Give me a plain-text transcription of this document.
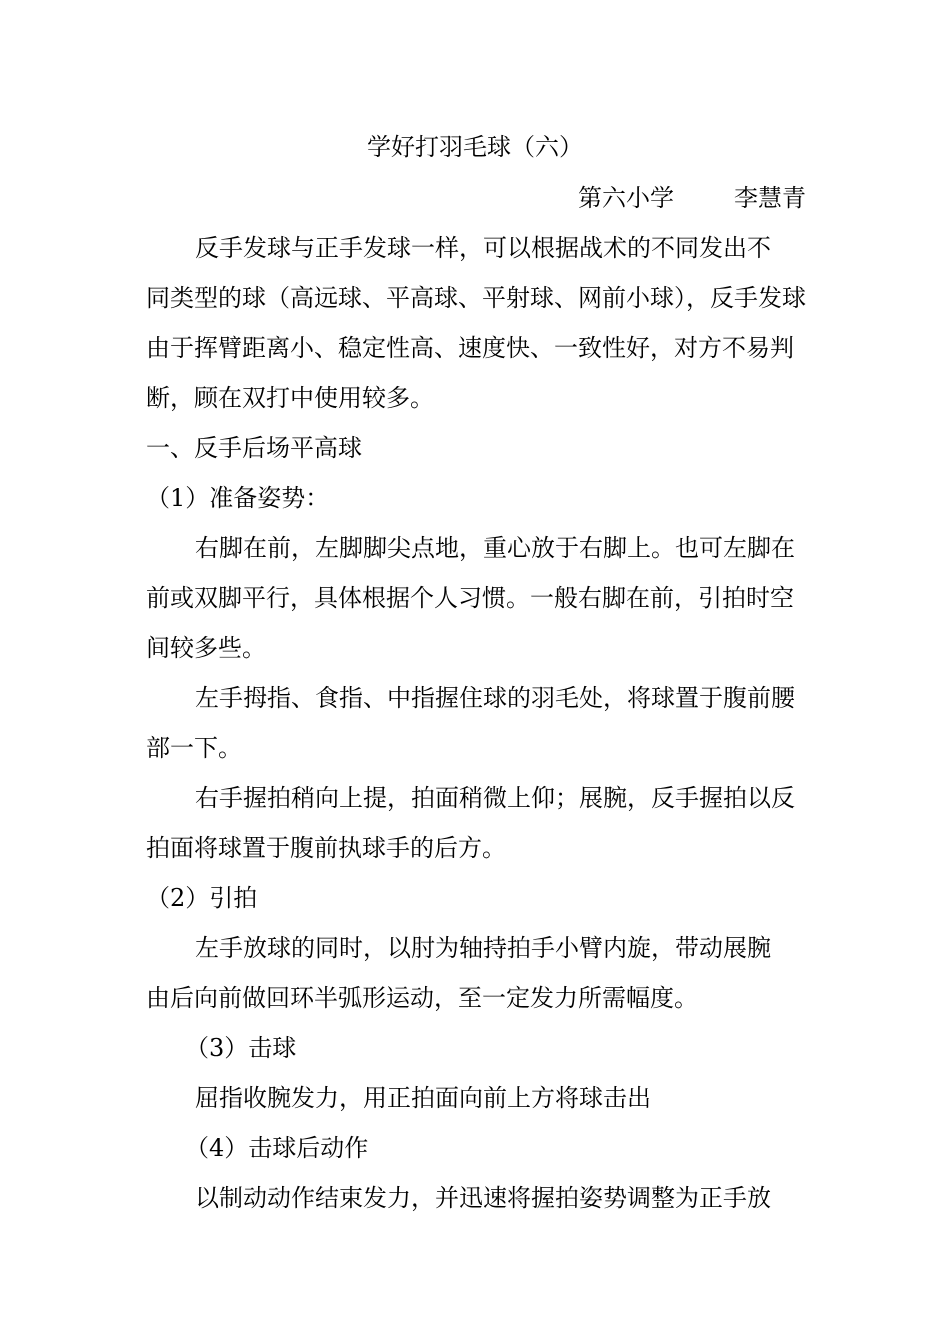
学好打羽毛球（六）
第六小学	李慧青
反手发球与正手发球一样，可以根据战术的不同发出不
同类型的球（高远球、平高球、平射球、网前小球），反手发球
由于挥臂距离小、稳定性高、速度快、一致性好，对方不易判
断，顾在双打中使用较多。
一、反手后场平高球
（1）准备姿势：
右脚在前，左脚脚尖点地，重心放于右脚上。也可左脚在
前或双脚平行，具体根据个人习惯。一般右脚在前，引拍时空
间较多些。
左手拇指、食指、中指握住球的羽毛处，将球置于腹前腰
部一下。
右手握拍稍向上提，拍面稍微上仰；展腕，反手握拍以反
拍面将球置于腹前执球手的后方。
（2）引拍
左手放球的同时，以肘为轴持拍手小臂内旋，带动展腕
由后向前做回环半弧形运动，至一定发力所需幅度。
（3）击球
屈指收腕发力，用正拍面向前上方将球击出
（4）击球后动作
以制动动作结束发力，并迅速将握拍姿势调整为正手放
